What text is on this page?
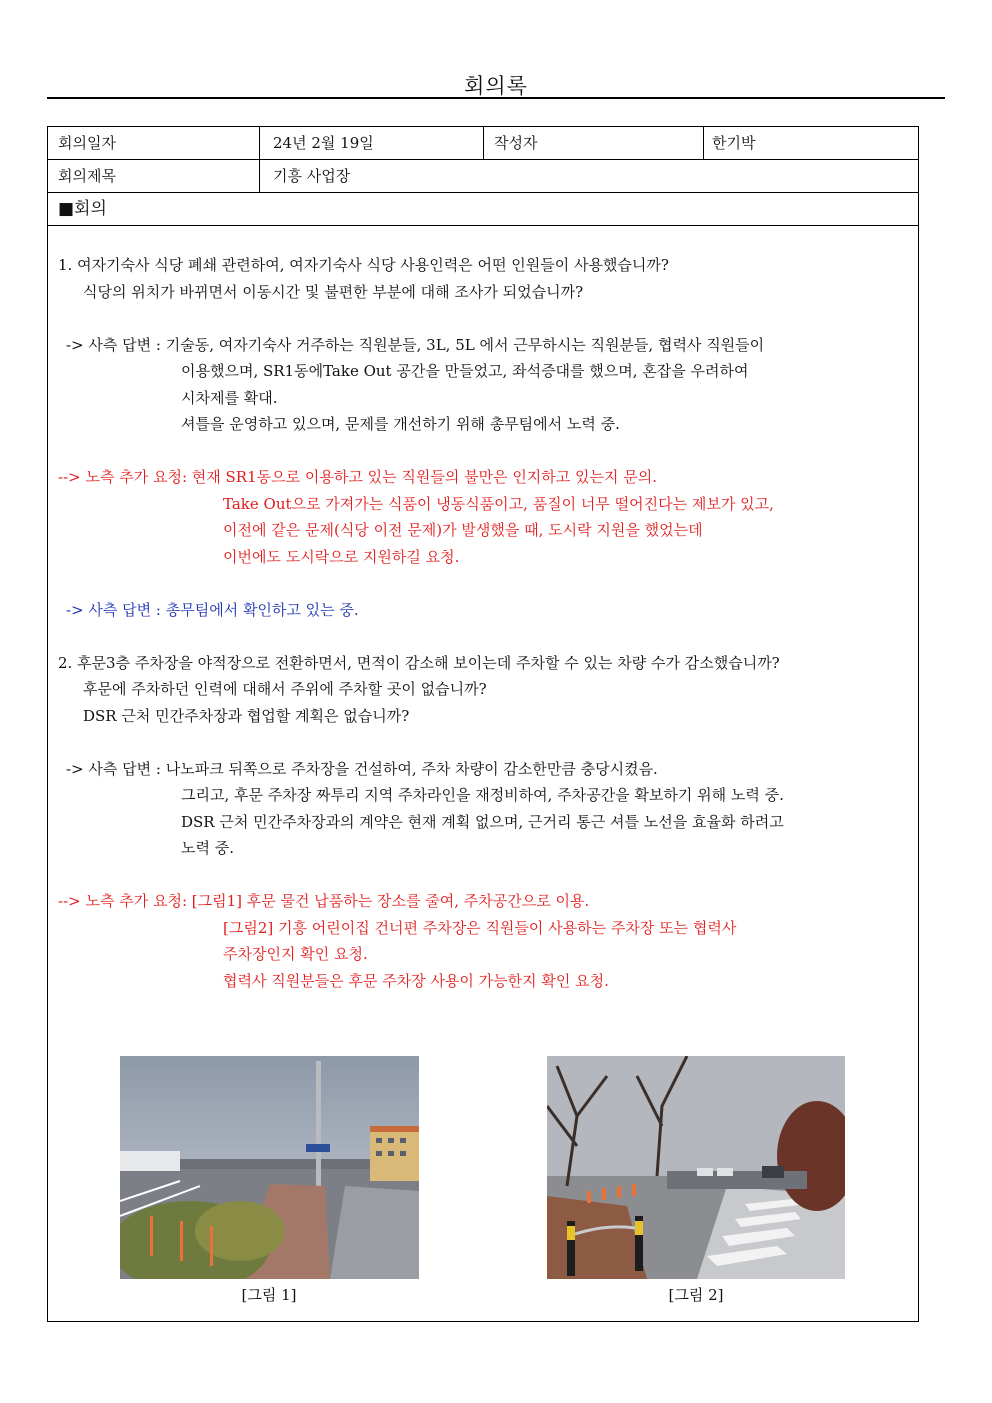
회의록
회의일자	24년 2월 19일	작성자	한기박
회의제목	기흥 사업장
■회의
1. 여자기숙사 식당 폐쇄 관련하여, 여자기숙사 식당 사용인력은 어떤 인원들이 사용했습니까?
식당의 위치가 바뀌면서 이동시간 및 불편한 부분에 대해 조사가 되었습니까?
-> 사측 답변 : 기술동, 여자기숙사 거주하는 직원분들, 3L, 5L 에서 근무하시는 직원분들, 협력사 직원들이
이용했으며, SR1동에Take Out 공간을 만들었고, 좌석증대를 했으며, 혼잡을 우려하여
시차제를 확대.
셔틀을 운영하고 있으며, 문제를 개선하기 위해 총무팀에서 노력 중.
--> 노측 추가 요청: 현재 SR1동으로 이용하고 있는 직원들의 불만은 인지하고 있는지 문의.
Take Out으로 가져가는 식품이 냉동식품이고, 품질이 너무 떨어진다는 제보가 있고,
이전에 같은 문제(식당 이전 문제)가 발생했을 때, 도시락 지원을 했었는데
이번에도 도시락으로 지원하길 요청.
-> 사측 답변 : 총무팀에서 확인하고 있는 중.
2. 후문3층 주차장을 야적장으로 전환하면서, 면적이 감소해 보이는데 주차할 수 있는 차량 수가 감소했습니까?
후문에 주차하던 인력에 대해서 주위에 주차할 곳이 없습니까?
DSR 근처 민간주차장과 협업할 계획은 없습니까?
-> 사측 답변 : 나노파크 뒤쪽으로 주차장을 건설하여, 주차 차량이 감소한만큼 충당시켰음.
그리고, 후문 주차장 짜투리 지역 주차라인을 재정비하여, 주차공간을 확보하기 위해 노력 중.
DSR 근처 민간주차장과의 계약은 현재 계획 없으며, 근거리 통근 셔틀 노선을 효율화 하려고
노력 중.
--> 노측 추가 요청: [그림1] 후문 물건 납품하는 장소를 줄여, 주차공간으로 이용.
[그림2] 기흥 어린이집 건너편 주차장은 직원들이 사용하는 주차장 또는 협력사
주차장인지 확인 요청.
협력사 직원분들은 후문 주차장 사용이 가능한지 확인 요청.
[그림 1]	[그림 2]
